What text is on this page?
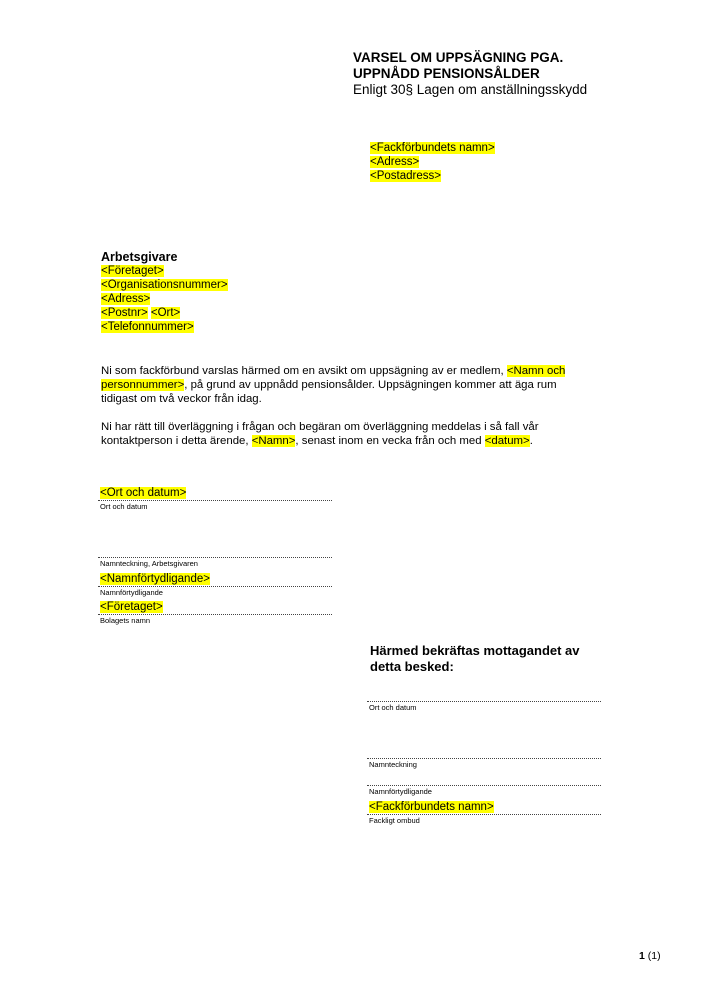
VARSEL OM UPPSÄGNING PGA.
UPPNÅDD PENSIONSÅLDER
Enligt 30§ Lagen om anställningsskydd
<Fackförbundets namn>
<Adress>
<Postadress>
Arbetsgivare
<Företaget>
<Organisationsnummer>
<Adress>
<Postnr> <Ort>
<Telefonnummer>

Ni som fackförbund varslas härmed om en avsikt om uppsägning av er medlem, <Namn och personnummer>, på grund av uppnådd pensionsålder. Uppsägningen kommer att äga rum tidigast om två veckor från idag.

Ni har rätt till överläggning i frågan och begäran om överläggning meddelas i så fall vår kontaktperson i detta ärende, <Namn>, senast inom en vecka från och med <datum>.

<Ort och datum>
Ort och datum
Namnteckning, Arbetsgivaren
<Namnförtydligande>
Namnförtydligande
<Företaget>
Bolagets namn
Härmed bekräftas mottagandet av
detta besked:
Ort och datum
Namnteckning
Namnförtydligande
<Fackförbundets namn>
Fackligt ombud
1 (1)
